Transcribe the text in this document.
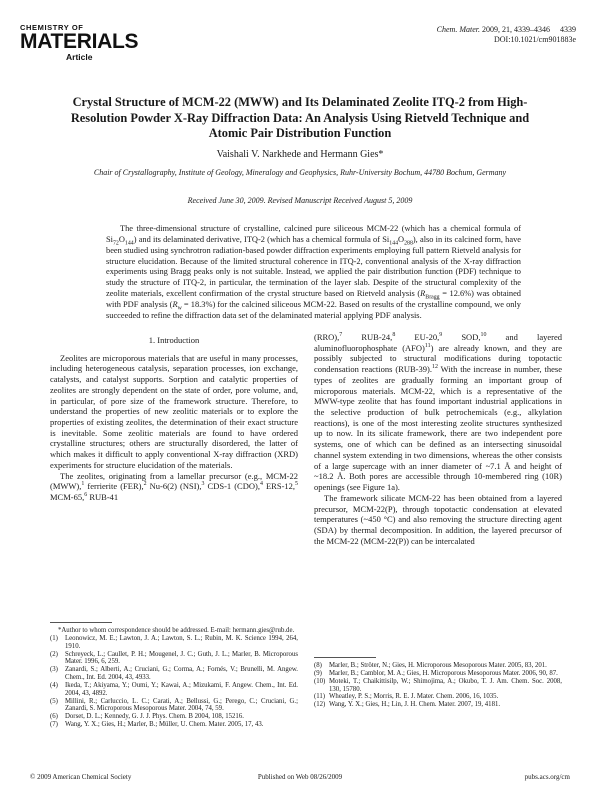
CHEMISTRY OF
MATERIALS
Article
Chem. Mater. 2009, 21, 4339–4346 4339
DOI:10.1021/cm901883e
Crystal Structure of MCM-22 (MWW) and Its Delaminated Zeolite ITQ-2 from High-Resolution Powder X-Ray Diffraction Data: An Analysis Using Rietveld Technique and Atomic Pair Distribution Function
Vaishali V. Narkhede and Hermann Gies*
Chair of Crystallography, Institute of Geology, Mineralogy and Geophysics, Ruhr-University Bochum, 44780 Bochum, Germany
Received June 30, 2009. Revised Manuscript Received August 5, 2009
The three-dimensional structure of crystalline, calcined pure siliceous MCM-22 (which has a chemical formula of $Si_{72}O_{144}$) and its delaminated derivative, ITQ-2 (which has a chemical formula of $Si_{144}O_{288}$), also in its calcined form, have been studied using synchrotron radiation-based powder diffraction experiments employing full pattern Rietveld analysis for structure elucidation. Because of the limited structural coherence in ITQ-2, conventional analysis of the X-ray diffraction experiments using Bragg peaks only is not suitable. Instead, we applied the pair distribution function (PDF) technique to study the structure of ITQ-2, in particular, the termination of the layer slab. Despite of the structural complexity of the zeolite materials, excellent confirmation of the crystal structure based on Rietveld analysis $(R_{Bragg} = 12.6\%)$ was obtained with PDF analysis $(R_w = 18.3\%)$ for the calcined siliceous MCM-22. Based on results of the crystalline compound, we only succeeded to refine the diffraction data set of the delaminated material applying PDF analysis.
1. Introduction

Zeolites are microporous materials that are useful in many processes, including heterogeneous catalysis, separation processes, ion exchange, catalysts, and catalyst supports. Sorption and catalytic properties of zeolites are strongly dependent on the state of order, pore volume, and, in particular, of pore size of the framework structure. Therefore, to understand the properties of new zeolitic materials or to explore the properties of existing zeolites, the determination of their exact structure is inevitable. Some zeolitic materials are found to have ordered crystalline structures; others are structurally disordered, the latter of which makes it difficult to apply conventional X-ray diffraction (XRD) experiments for structure elucidation of the materials.

The zeolites, originating from a lamellar precursor (e.g., MCM-22 (MWW),$^1$ ferrierite (FER),$^2$ Nu-6(2) (NSI),$^3$ CDS-1 (CDO),$^4$ ERS-12,$^5$ MCM-65,$^6$ RUB-41

(RRO),$^7$ RUB-24,$^8$ EU-20,$^9$ SOD,$^{10}$ and layered aluminofluorophosphate (AFO)$^{11}$) are already known, and they are possibly subjected to structural modifications during topotactic condensation reactions (RUB-39).$^{12}$ With the increase in number, these types of zeolites are gradually forming an important group of microporous materials. MCM-22, which is a representative of the MWW-type zeolite that has found important industrial applications in the selective production of bulk petrochemicals (e.g., alkylation reactions), is one of the most interesting zeolite structures synthesized up to now. In its silicate framework, there are two independent pore systems, one of which can be defined as an intersecting sinusoidal channel system extending in two dimensions, whereas the other consists of a large supercage with an inner diameter of ~7.1 Å and height of ~18.2 Å. Both pores are accessible through 10-membered ring (10R) openings (see Figure 1a).

The framework silicate MCM-22 has been obtained from a layered precursor, MCM-22(P), through topotactic condensation at elevated temperatures (~450 °C) and also removing the structure directing agent (SDA) by thermal decomposition. In addition, the layered precursor of the MCM-22 (MCM-22(P)) can be intercalated

*Author to whom correspondence should be addressed. E-mail: hermann.gies@rub.de.
(1)	Leonowicz, M. E.; Lawton, J. A.; Lawton, S. L.; Rubin, M. K. Science 1994, 264, 1910.
(2)	Schreyeck, L.; Caullet, P. H.; Mougenel, J. C.; Guth, J. L.; Marler, B. Microporous Mater. 1996, 6, 259.
(3)	Zanardi, S.; Alberti, A.; Cruciani, G.; Corma, A.; Fornés, V.; Brunelli, M. Angew. Chem., Int. Ed. 2004, 43, 4933.
(4)	Ikeda, T.; Akiyama, Y.; Oumi, Y.; Kawai, A.; Mizukami, F. Angew. Chem., Int. Ed. 2004, 43, 4892.
(5)	Millini, R.; Carluccio, L. C.; Carati, A.; Bellussi, G.; Perego, C.; Cruciani, G.; Zanardi, S. Microporous Mesoporous Mater. 2004, 74, 59.
(6)	Dorset, D. L.; Kennedy, G. J. J. Phys. Chem. B 2004, 108, 15216.
(7)	Wang, Y. X.; Gies, H.; Marler, B.; Müller, U. Chem. Mater. 2005, 17, 43.
(8)	Marler, B.; Ströter, N.; Gies, H. Microporous Mesoporous Mater. 2005, 83, 201.
(9)	Marler, B.; Camblor, M. A.; Gies, H. Microporous Mesoporous Mater. 2006, 90, 87.
(10) Moteki, T.; Chaikittisilp, W.; Shimojima, A.; Okubo, T. J. Am. Chem. Soc. 2008, 130, 15780.
(11) Wheatley, P. S.; Morris, R. E. J. Mater. Chem. 2006, 16, 1035.
(12) Wang, Y. X.; Gies, H.; Lin, J. H. Chem. Mater. 2007, 19, 4181.
© 2009 American Chemical Society	Published on Web 08/26/2009	pubs.acs.org/cm
